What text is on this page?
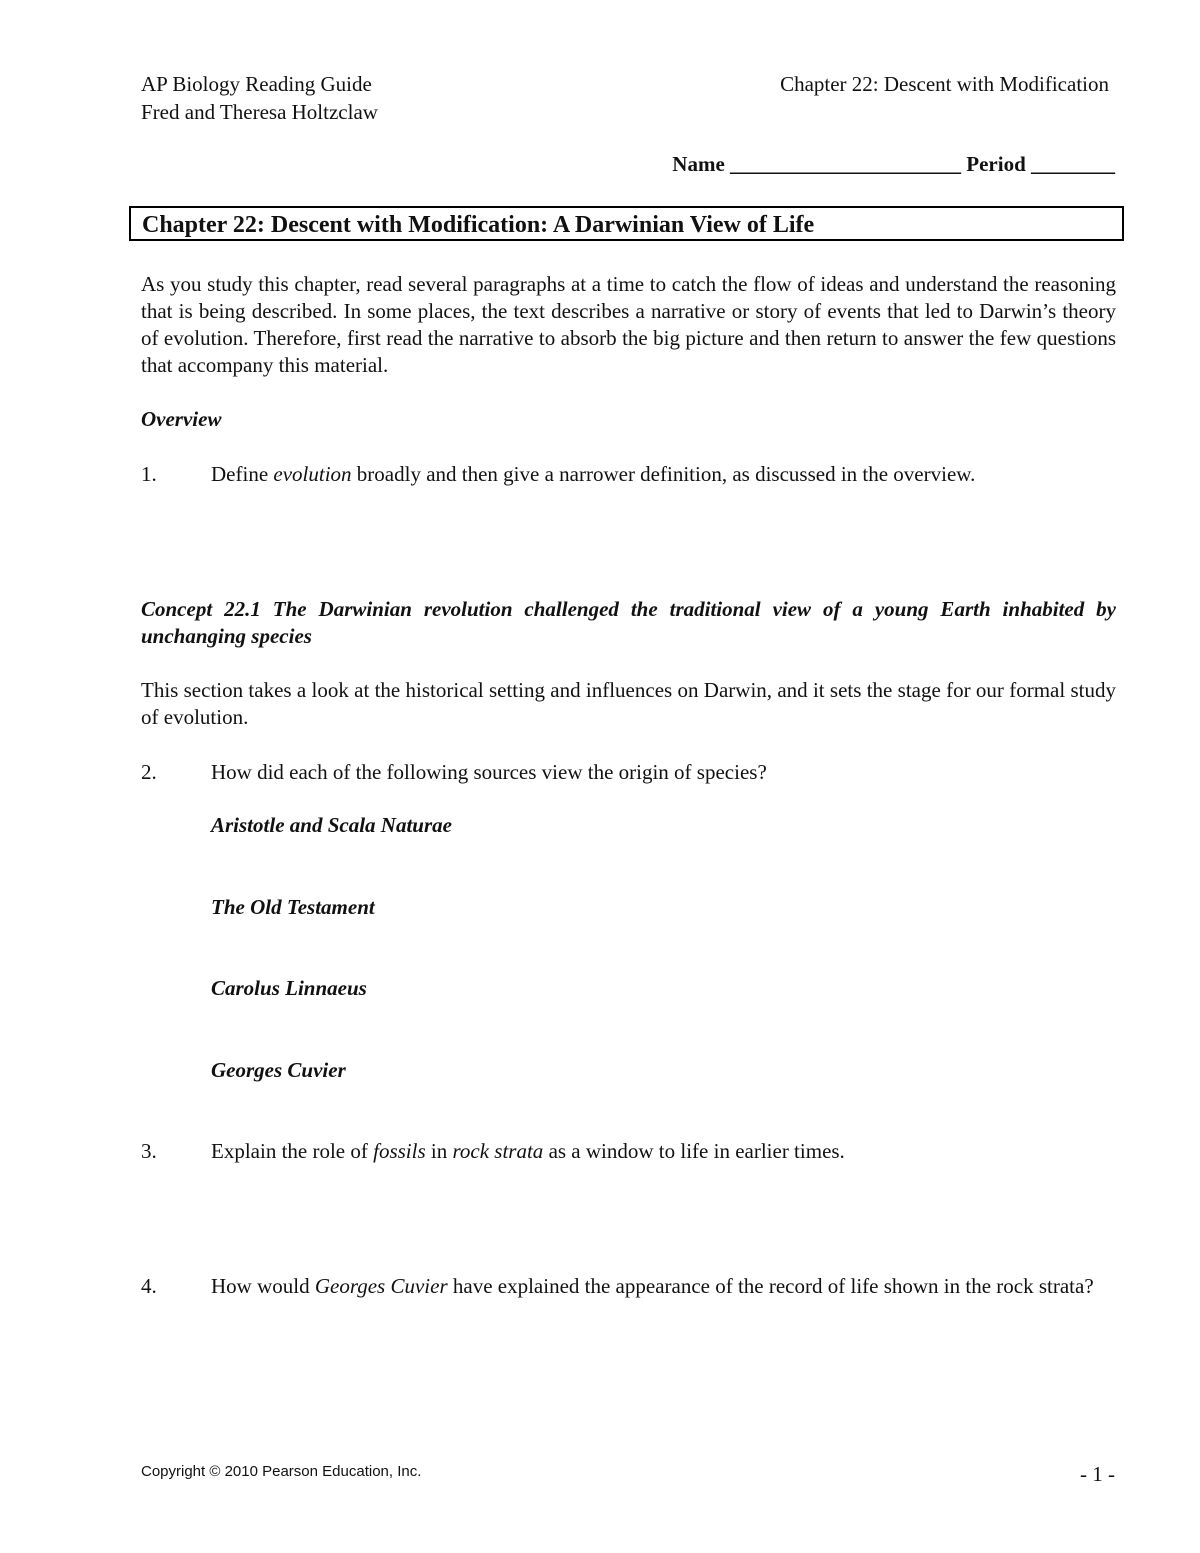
AP Biology Reading Guide
Fred and Theresa Holtzclaw
Chapter 22: Descent with Modification
Name ______________________ Period ________
Chapter 22: Descent with Modification: A Darwinian View of Life
As you study this chapter, read several paragraphs at a time to catch the flow of ideas and understand the reasoning that is being described. In some places, the text describes a narrative or story of events that led to Darwin’s theory of evolution. Therefore, first read the narrative to absorb the big picture and then return to answer the few questions that accompany this material.
Overview
1.	Define evolution broadly and then give a narrower definition, as discussed in the overview.
Concept 22.1 The Darwinian revolution challenged the traditional view of a young Earth inhabited by unchanging species
This section takes a look at the historical setting and influences on Darwin, and it sets the stage for our formal study of evolution.
2.	How did each of the following sources view the origin of species?
Aristotle and Scala Naturae
The Old Testament
Carolus Linnaeus
Georges Cuvier
3.	Explain the role of fossils in rock strata as a window to life in earlier times.
4.	How would Georges Cuvier have explained the appearance of the record of life shown in the rock strata?
Copyright © 2010 Pearson Education, Inc.	- 1 -
